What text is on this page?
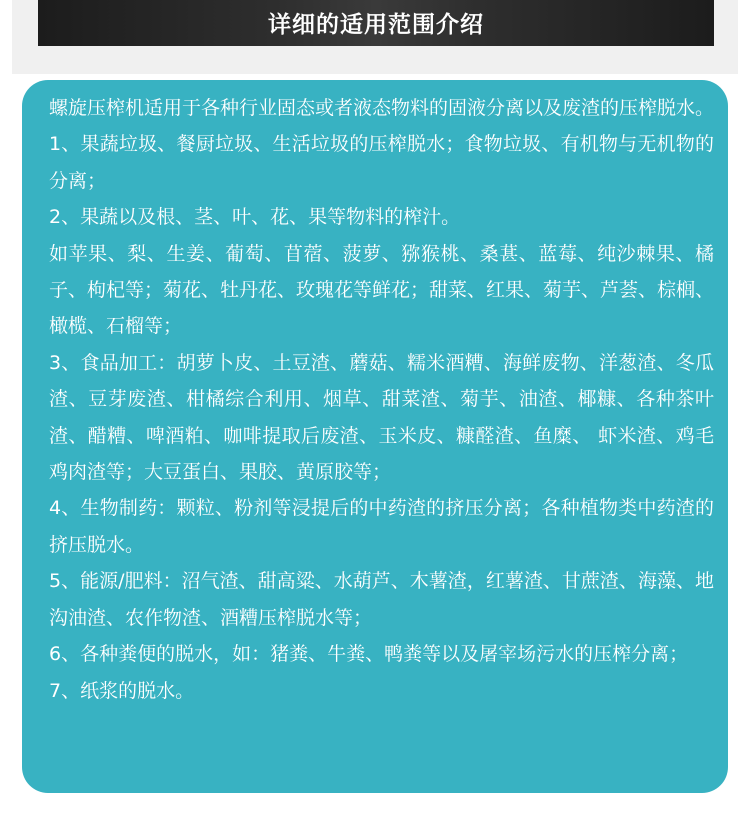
详细的适用范围介绍

螺旋压榨机适用于各种行业固态或者液态物料的固液分离以及废渣的压榨脱水。

1、果蔬垃圾、餐厨垃圾、生活垃圾的压榨脱水；食物垃圾、有机物与无机物的分离；

2、果蔬以及根、茎、叶、花、果等物料的榨汁。

如苹果、梨、生姜、葡萄、苜蓿、菠萝、猕猴桃、桑葚、蓝莓、纯沙棘果、橘子、枸杞等；菊花、牡丹花、玫瑰花等鲜花；甜菜、红果、菊芋、芦荟、棕榈、橄榄、石榴等；

3、食品加工：胡萝卜皮、土豆渣、蘑菇、糯米酒糟、海鲜废物、洋葱渣、冬瓜渣、豆芽废渣、柑橘综合利用、烟草、甜菜渣、菊芋、油渣、椰糠、各种茶叶渣、醋糟、啤酒粕、咖啡提取后废渣、玉米皮、糠醛渣、鱼糜、 虾米渣、鸡毛鸡肉渣等；大豆蛋白、果胶、黄原胶等；

4、生物制药：颗粒、粉剂等浸提后的中药渣的挤压分离；各种植物类中药渣的挤压脱水。

5、能源/肥料：沼气渣、甜高粱、水葫芦、木薯渣，红薯渣、甘蔗渣、海藻、地沟油渣、农作物渣、酒糟压榨脱水等；

6、各种粪便的脱水，如：猪粪、牛粪、鸭粪等以及屠宰场污水的压榨分离；

7、纸浆的脱水。
